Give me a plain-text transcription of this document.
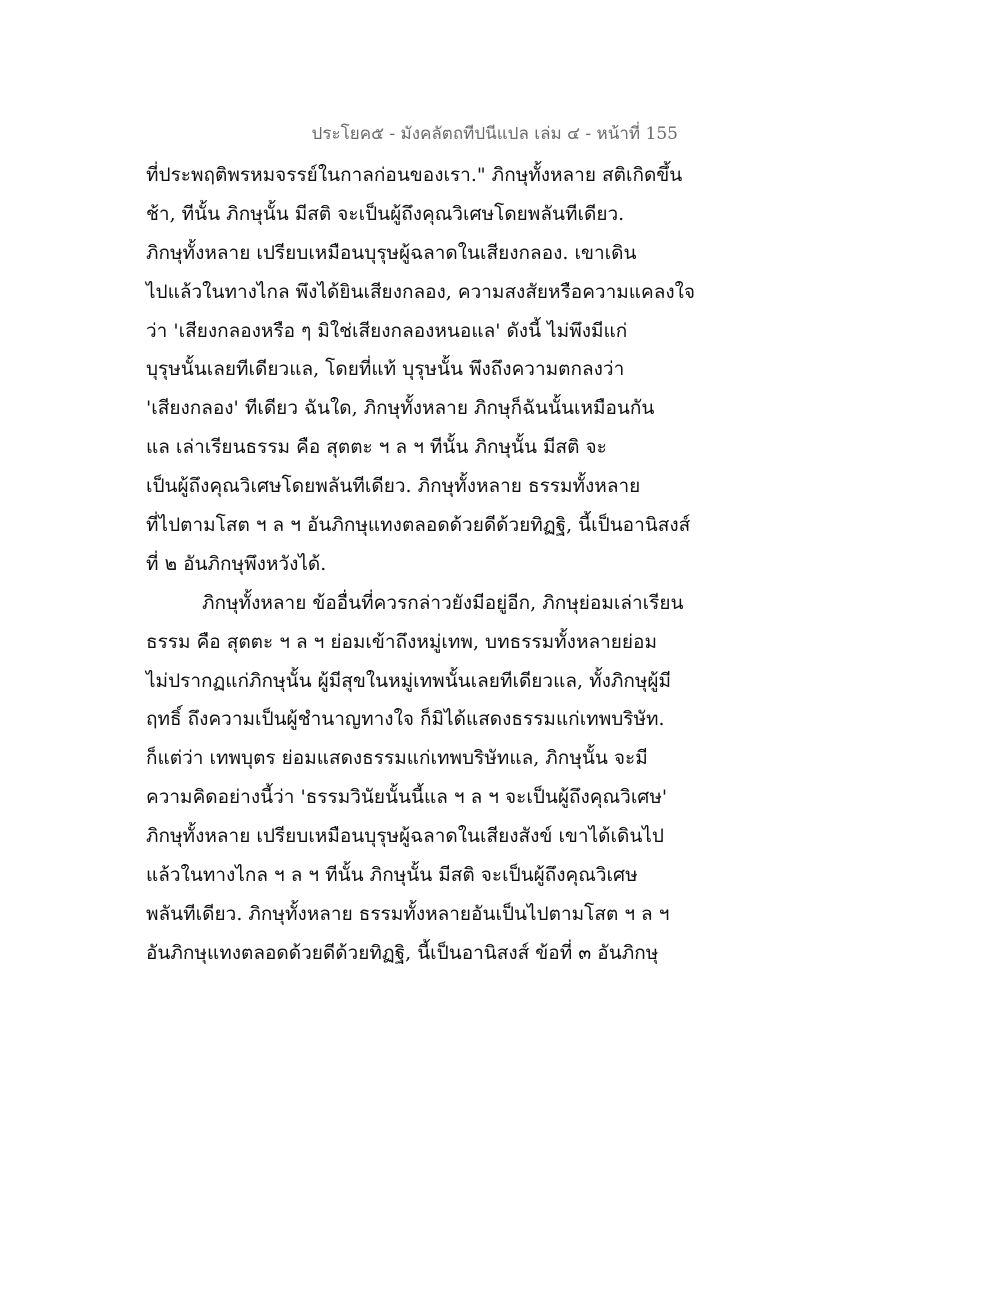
ประโยค๕ - มังคลัตถทีปนีแปล เล่ม ๔ - หน้าที่ 155
ที่ประพฤติพรหมจรรย์ในกาลก่อนของเรา." ภิกษุทั้งหลาย สติเกิดขึ้น
ช้า, ทีนั้น ภิกษุนั้น มีสติ จะเป็นผู้ถึงคุณวิเศษโดยพลันทีเดียว.
ภิกษุทั้งหลาย เปรียบเหมือนบุรุษผู้ฉลาดในเสียงกลอง. เขาเดิน
ไปแล้วในทางไกล พึงได้ยินเสียงกลอง, ความสงสัยหรือความแคลงใจ
ว่า 'เสียงกลองหรือ ๆ มิใช่เสียงกลองหนอแล' ดังนี้ ไม่พึงมีแก่
บุรุษนั้นเลยทีเดียวแล, โดยที่แท้ บุรุษนั้น พึงถึงความตกลงว่า
'เสียงกลอง' ทีเดียว ฉันใด, ภิกษุทั้งหลาย ภิกษุก็ฉันนั้นเหมือนกัน
แล เล่าเรียนธรรม คือ สุตตะ ฯ ล ฯ ทีนั้น ภิกษุนั้น มีสติ จะ
เป็นผู้ถึงคุณวิเศษโดยพลันทีเดียว. ภิกษุทั้งหลาย ธรรมทั้งหลาย
ที่ไปตามโสต ฯ ล ฯ อันภิกษุแทงตลอดด้วยดีด้วยทิฏฐิ, นี้เป็นอานิสงส์
ที่ ๒ อันภิกษุพึงหวังได้.
ภิกษุทั้งหลาย ข้ออื่นที่ควรกล่าวยังมีอยู่อีก, ภิกษุย่อมเล่าเรียน
ธรรม คือ สุตตะ ฯ ล ฯ ย่อมเข้าถึงหมู่เทพ, บทธรรมทั้งหลายย่อม
ไม่ปรากฏแก่ภิกษุนั้น ผู้มีสุขในหมู่เทพนั้นเลยทีเดียวแล, ทั้งภิกษุผู้มี
ฤทธิ์ ถึงความเป็นผู้ชำนาญทางใจ ก็มิได้แสดงธรรมแก่เทพบริษัท.
ก็แต่ว่า เทพบุตร ย่อมแสดงธรรมแก่เทพบริษัทแล, ภิกษุนั้น จะมี
ความคิดอย่างนี้ว่า 'ธรรมวินัยนั้นนี้แล ฯ ล ฯ จะเป็นผู้ถึงคุณวิเศษ'
ภิกษุทั้งหลาย เปรียบเหมือนบุรุษผู้ฉลาดในเสียงสังข์ เขาได้เดินไป
แล้วในทางไกล ฯ ล ฯ ทีนั้น ภิกษุนั้น มีสติ จะเป็นผู้ถึงคุณวิเศษ
พลันทีเดียว. ภิกษุทั้งหลาย ธรรมทั้งหลายอันเป็นไปตามโสต ฯ ล ฯ
อันภิกษุแทงตลอดด้วยดีด้วยทิฏฐิ, นี้เป็นอานิสงส์ ข้อที่ ๓ อันภิกษุ
